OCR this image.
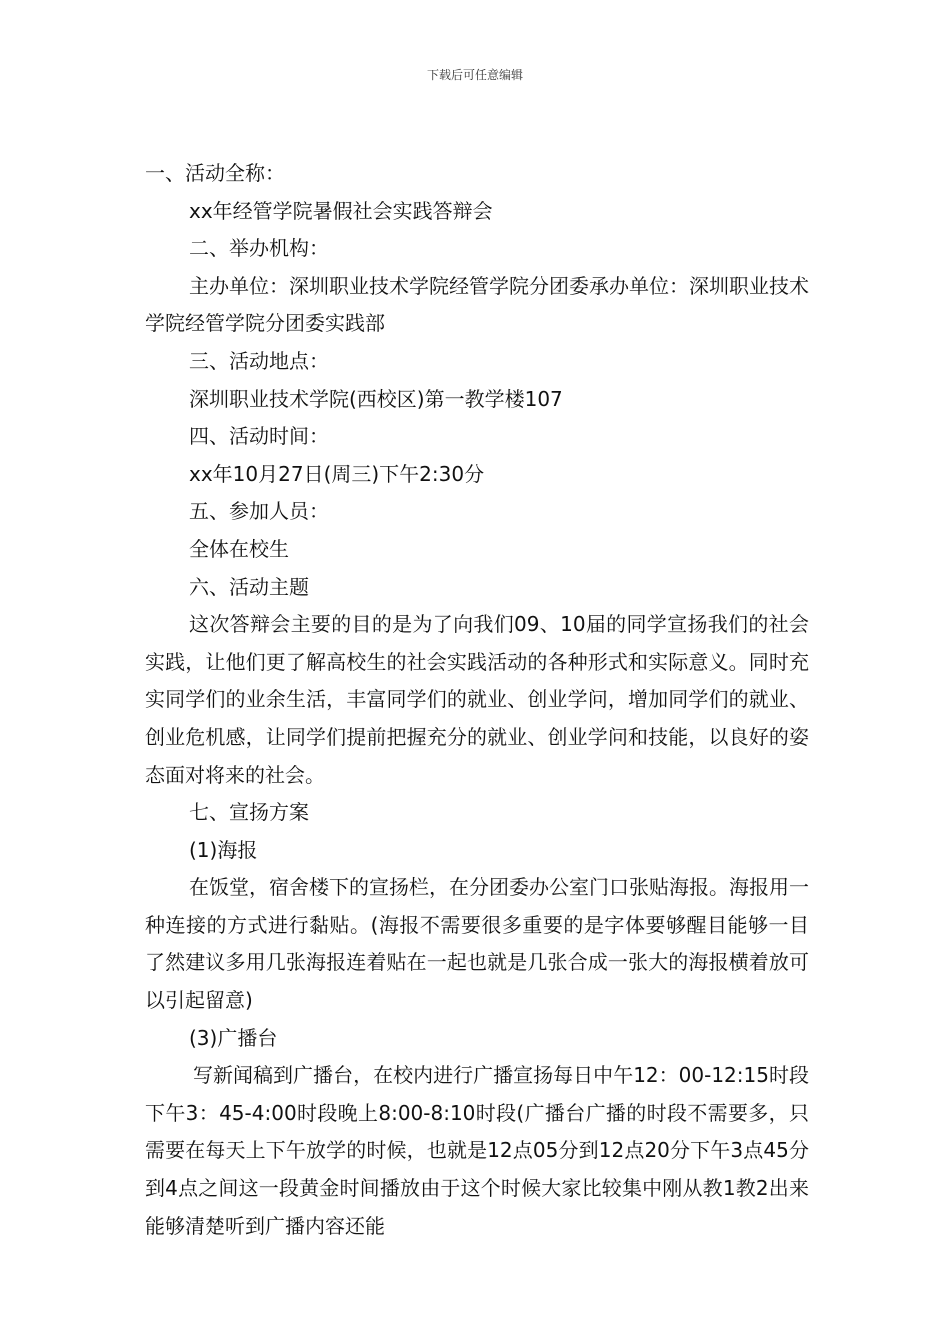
下载后可任意编辑

一、活动全称：

xx年经管学院暑假社会实践答辩会

二、举办机构：

主办单位：深圳职业技术学院经管学院分团委承办单位：深圳职业技术学院经管学院分团委实践部

三、活动地点：

深圳职业技术学院(西校区)第一教学楼107

四、活动时间：

xx年10月27日(周三)下午2:30分

五、参加人员：

全体在校生

六、活动主题

这次答辩会主要的目的是为了向我们09、10届的同学宣扬我们的社会实践，让他们更了解高校生的社会实践活动的各种形式和实际意义。同时充实同学们的业余生活，丰富同学们的就业、创业学问，增加同学们的就业、创业危机感，让同学们提前把握充分的就业、创业学问和技能，以良好的姿态面对将来的社会。

七、宣扬方案

(1)海报

在饭堂，宿舍楼下的宣扬栏，在分团委办公室门口张贴海报。海报用一种连接的方式进行黏贴。(海报不需要很多重要的是字体要够醒目能够一目了然建议多用几张海报连着贴在一起也就是几张合成一张大的海报横着放可以引起留意)

(3)广播台

写新闻稿到广播台，在校内进行广播宣扬每日中午12：00-12:15时段下午3：45-4:00时段晚上8:00-8:10时段(广播台广播的时段不需要多，只需要在每天上下午放学的时候，也就是12点05分到12点20分下午3点45分到4点之间这一段黄金时间播放由于这个时候大家比较集中刚从教1教2出来能够清楚听到广播内容还能
